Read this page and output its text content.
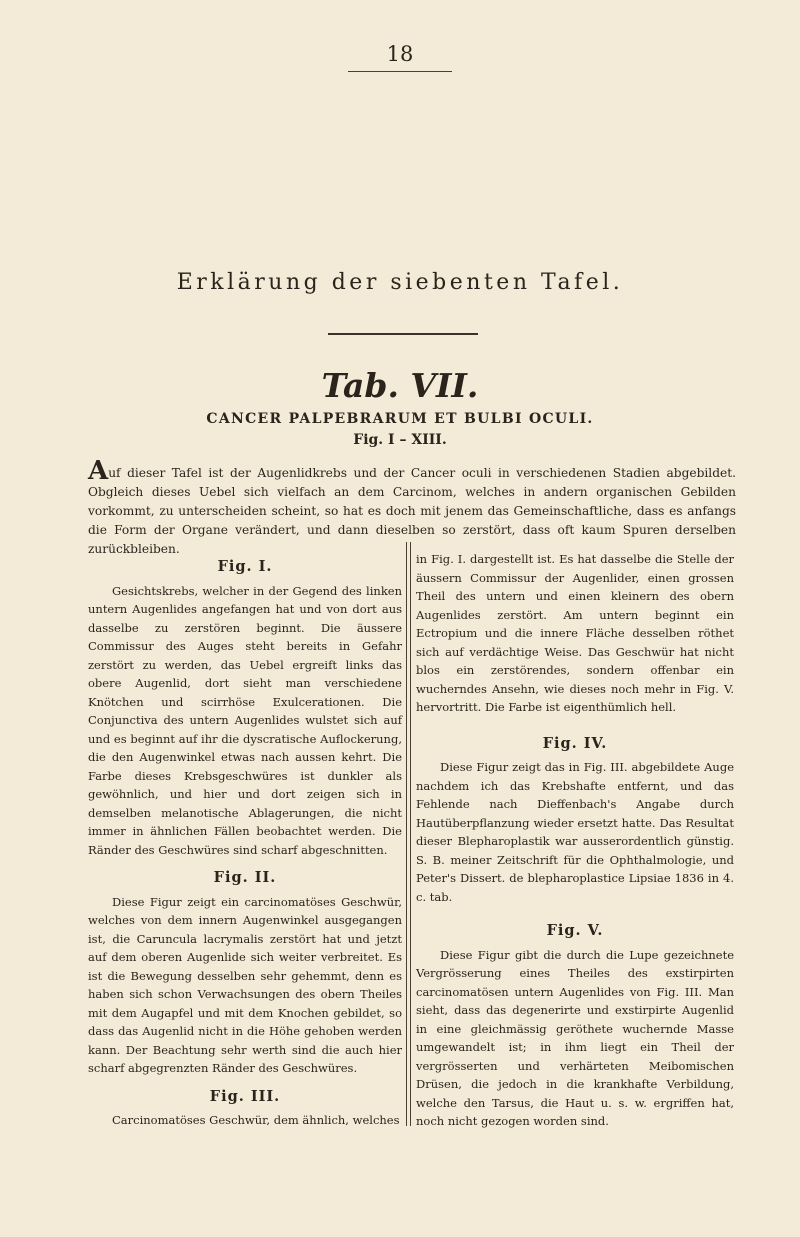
18
Erklärung der siebenten Tafel.
Tab. VII.
CANCER PALPEBRARUM ET BULBI OCULI.
Fig. I – XIII.
Auf dieser Tafel ist der Augenlidkrebs und der Cancer oculi in verschiedenen Stadien abgebildet. Obgleich dieses Uebel sich vielfach an dem Carcinom, welches in andern organischen Gebilden vorkommt, zu unterscheiden scheint, so hat es doch mit jenem das Gemeinschaftliche, dass es anfangs die Form der Organe verändert, und dann dieselben so zerstört, dass oft kaum Spuren derselben zurückbleiben.
Fig. I.

Gesichtskrebs, welcher in der Gegend des linken untern Augenlides angefangen hat und von dort aus dasselbe zu zerstören beginnt. Die äussere Commissur des Auges steht bereits in Gefahr zerstört zu werden, das Uebel ergreift links das obere Augenlid, dort sieht man verschiedene Knötchen und scirrhöse Exulcerationen. Die Conjunctiva des untern Augenlides wulstet sich auf und es beginnt auf ihr die dyscratische Auflockerung, die den Augenwinkel etwas nach aussen kehrt. Die Farbe dieses Krebsgeschwüres ist dunkler als gewöhnlich, und hier und dort zeigen sich in demselben melanotische Ablagerungen, die nicht immer in ähnlichen Fällen beobachtet werden. Die Ränder des Geschwüres sind scharf abgeschnitten.

Fig. II.

Diese Figur zeigt ein carcinomatöses Geschwür, welches von dem innern Augenwinkel ausgegangen ist, die Caruncula lacrymalis zerstört hat und jetzt auf dem oberen Augenlide sich weiter verbreitet. Es ist die Bewegung desselben sehr gehemmt, denn es haben sich schon Verwachsungen des obern Theiles mit dem Augapfel und mit dem Knochen gebildet, so dass das Augenlid nicht in die Höhe gehoben werden kann. Der Beachtung sehr werth sind die auch hier scharf abgegrenzten Ränder des Geschwüres.

Fig. III.

Carcinomatöses Geschwür, dem ähnlich, welches

in Fig. I. dargestellt ist. Es hat dasselbe die Stelle der äussern Commissur der Augenlider, einen grossen Theil des untern und einen kleinern des obern Augenlides zerstört. Am untern beginnt ein Ectropium und die innere Fläche desselben röthet sich auf verdächtige Weise. Das Geschwür hat nicht blos ein zerstörendes, sondern offenbar ein wucherndes Ansehn, wie dieses noch mehr in Fig. V. hervortritt. Die Farbe ist eigenthümlich hell.

Fig. IV.

Diese Figur zeigt das in Fig. III. abgebildete Auge nachdem ich das Krebshafte entfernt, und das Fehlende nach Dieffenbach's Angabe durch Hautüberpflanzung wieder ersetzt hatte. Das Resultat dieser Blepharoplastik war ausserordentlich günstig. S. B. meiner Zeitschrift für die Ophthalmologie, und Peter's Dissert. de blepharoplastice Lipsiae 1836 in 4. c. tab.

Fig. V.

Diese Figur gibt die durch die Lupe gezeichnete Vergrösserung eines Theiles des exstirpirten carcinomatösen untern Augenlides von Fig. III. Man sieht, dass das degenerirte und exstirpirte Augenlid in eine gleichmässig geröthete wuchernde Masse umgewandelt ist; in ihm liegt ein Theil der vergrösserten und verhärteten Meibomischen Drüsen, die jedoch in die krankhafte Verbildung, welche den Tarsus, die Haut u. s. w. ergriffen hat, noch nicht gezogen worden sind.
